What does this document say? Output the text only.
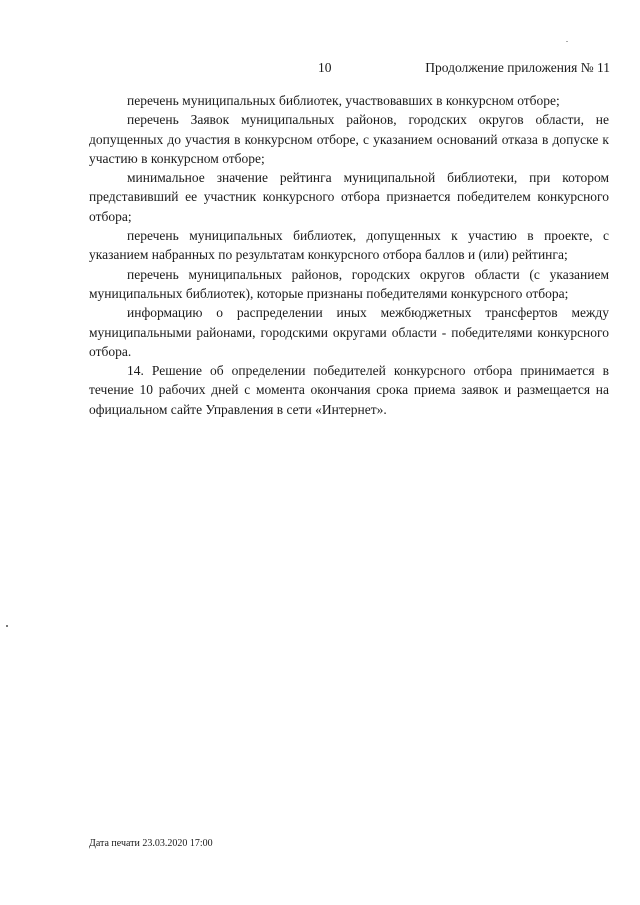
10	Продолжение приложения № 11

перечень муниципальных библиотек, участвовавших в конкурсном отборе;

перечень Заявок муниципальных районов, городских округов области, не допущенных до участия в конкурсном отборе, с указанием оснований отказа в допуске к участию в конкурсном отборе;

минимальное значение рейтинга муниципальной библиотеки, при котором представивший ее участник конкурсного отбора признается победителем конкурсного отбора;

перечень муниципальных библиотек, допущенных к участию в проекте, с указанием набранных по результатам конкурсного отбора баллов и (или) рейтинга;

перечень муниципальных районов, городских округов области (с указанием муниципальных библиотек), которые признаны победителями конкурсного отбора;

информацию о распределении иных межбюджетных трансфертов между муниципальными районами, городскими округами области - победителями конкурсного отбора.

14. Решение об определении победителей конкурсного отбора принимается в течение 10 рабочих дней с момента окончания срока приема заявок и размещается на официальном сайте Управления в сети «Интернет».

Дата печати 23.03.2020 17:00
